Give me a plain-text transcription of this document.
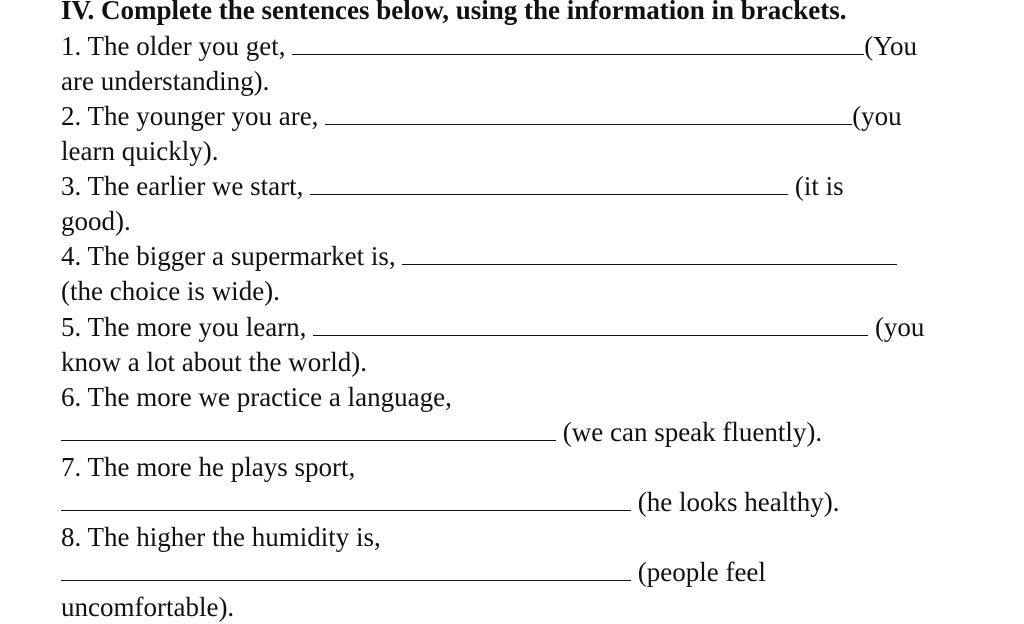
IV. Complete the sentences below, using the information in brackets.
1. The older you get,	(You
are understanding).
2. The younger you are,	(you
learn quickly).
3. The earlier we start,	(it is
good).
4. The bigger a supermarket is,
(the choice is wide).
5. The more you learn,	(you
know a lot about the world).
6. The more we practice a language,
(we can speak fluently).
7. The more he plays sport,
(he looks healthy).
8. The higher the humidity is,
(people feel
uncomfortable).
